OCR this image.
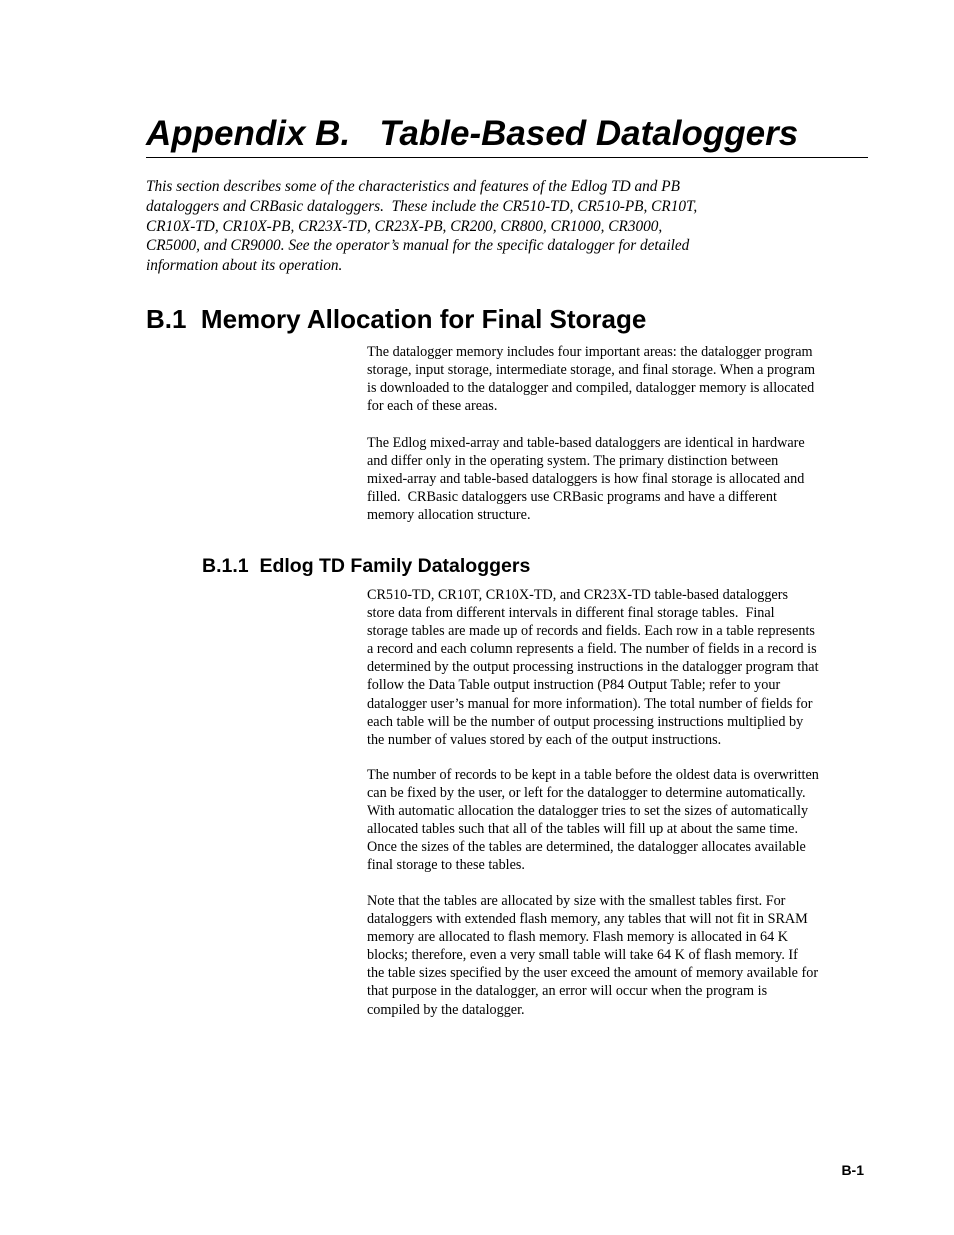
Appendix B.   Table-Based Dataloggers
This section describes some of the characteristics and features of the Edlog TD and PB
dataloggers and CRBasic dataloggers.  These include the CR510-TD, CR510-PB, CR10T,
CR10X-TD, CR10X-PB, CR23X-TD, CR23X-PB, CR200, CR800, CR1000, CR3000,
CR5000, and CR9000. See the operator’s manual for the specific datalogger for detailed
information about its operation.
B.1  Memory Allocation for Final Storage
The datalogger memory includes four important areas: the datalogger program
storage, input storage, intermediate storage, and final storage. When a program
is downloaded to the datalogger and compiled, datalogger memory is allocated
for each of these areas.
The Edlog mixed-array and table-based dataloggers are identical in hardware
and differ only in the operating system. The primary distinction between
mixed-array and table-based dataloggers is how final storage is allocated and
filled.  CRBasic dataloggers use CRBasic programs and have a different
memory allocation structure.
B.1.1  Edlog TD Family Dataloggers
CR510-TD, CR10T, CR10X-TD, and CR23X-TD table-based dataloggers
store data from different intervals in different final storage tables.  Final
storage tables are made up of records and fields. Each row in a table represents
a record and each column represents a field. The number of fields in a record is
determined by the output processing instructions in the datalogger program that
follow the Data Table output instruction (P84 Output Table; refer to your
datalogger user’s manual for more information). The total number of fields for
each table will be the number of output processing instructions multiplied by
the number of values stored by each of the output instructions.
The number of records to be kept in a table before the oldest data is overwritten
can be fixed by the user, or left for the datalogger to determine automatically.
With automatic allocation the datalogger tries to set the sizes of automatically
allocated tables such that all of the tables will fill up at about the same time.
Once the sizes of the tables are determined, the datalogger allocates available
final storage to these tables.
Note that the tables are allocated by size with the smallest tables first. For
dataloggers with extended flash memory, any tables that will not fit in SRAM
memory are allocated to flash memory. Flash memory is allocated in 64 K
blocks; therefore, even a very small table will take 64 K of flash memory. If
the table sizes specified by the user exceed the amount of memory available for
that purpose in the datalogger, an error will occur when the program is
compiled by the datalogger.
B-1
